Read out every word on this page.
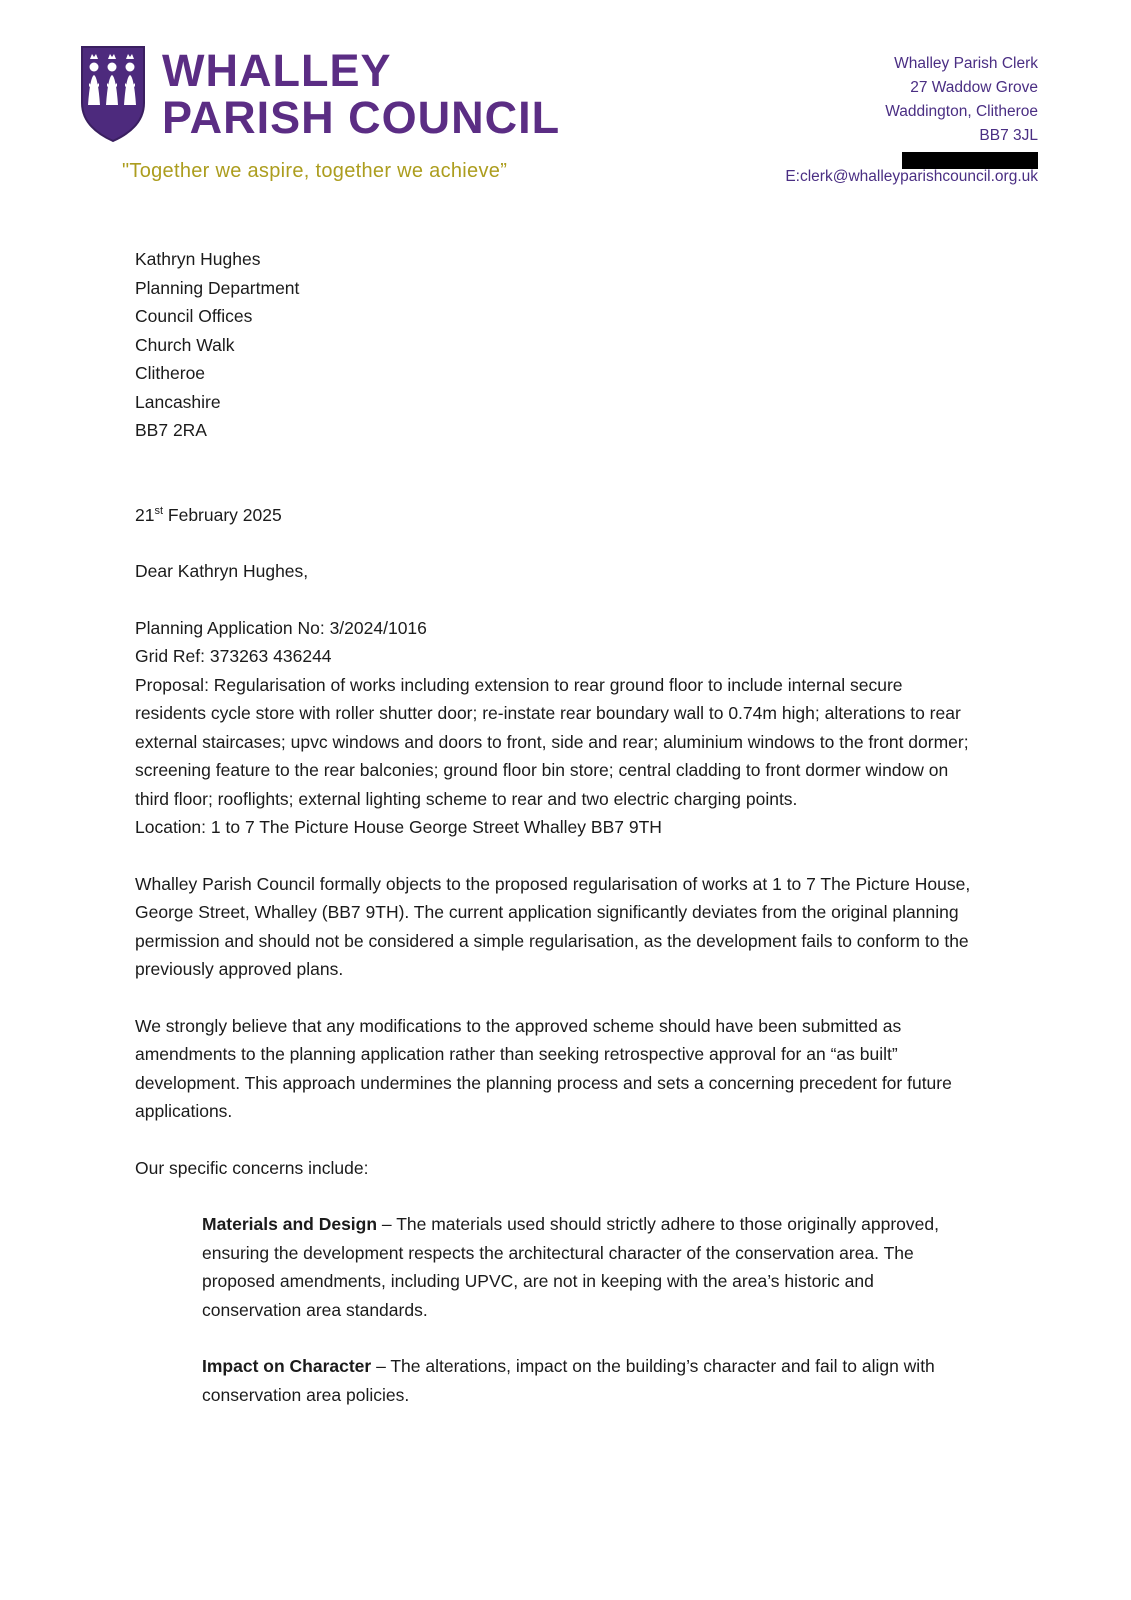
WHALLEY
PARISH COUNCIL
"Together we aspire, together we achieve”
Whalley Parish Clerk
27 Waddow Grove
Waddington, Clitheroe
BB7 3JL
E:clerk@whalleyparishcouncil.org.uk
Kathryn Hughes
Planning Department
Council Offices
Church Walk
Clitheroe
Lancashire
BB7 2RA
21st February 2025
Dear Kathryn Hughes,
Planning Application No: 3/2024/1016
Grid Ref: 373263 436244
Proposal: Regularisation of works including extension to rear ground floor to include internal secure residents cycle store with roller shutter door; re-instate rear boundary wall to 0.74m high; alterations to rear external staircases; upvc windows and doors to front, side and rear; aluminium windows to the front dormer; screening feature to the rear balconies; ground floor bin store; central cladding to front dormer window on third floor; rooflights; external lighting scheme to rear and two electric charging points.
Location: 1 to 7 The Picture House George Street Whalley BB7 9TH
Whalley Parish Council formally objects to the proposed regularisation of works at 1 to 7 The Picture House, George Street, Whalley (BB7 9TH). The current application significantly deviates from the original planning permission and should not be considered a simple regularisation, as the development fails to conform to the previously approved plans.
We strongly believe that any modifications to the approved scheme should have been submitted as amendments to the planning application rather than seeking retrospective approval for an “as built” development. This approach undermines the planning process and sets a concerning precedent for future applications.
Our specific concerns include:
Materials and Design – The materials used should strictly adhere to those originally approved, ensuring the development respects the architectural character of the conservation area. The proposed amendments, including UPVC, are not in keeping with the area’s historic and conservation area standards.
Impact on Character – The alterations, impact on the building’s character and fail to align with conservation area policies.
